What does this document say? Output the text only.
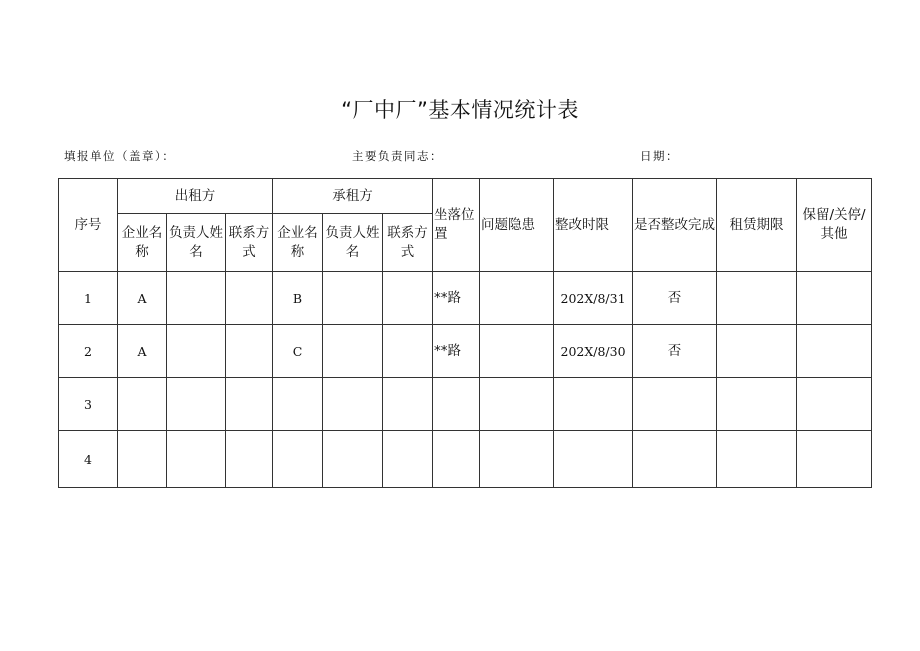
“厂中厂”基本情况统计表
填报单位（盖章）：	主要负责同志：	日期：
序号	出租方			承租方			坐落位置	问题隐患	整改时限	是否整改完成	租赁期限	保留/关停/其他

	企业名称	负责人姓名	联系方式	企业名称	负责人姓名	联系方式						

1	A			B			**路		202X/8/31	否		
2	A			C			**路		202X/8/30	否		
3												
4												
